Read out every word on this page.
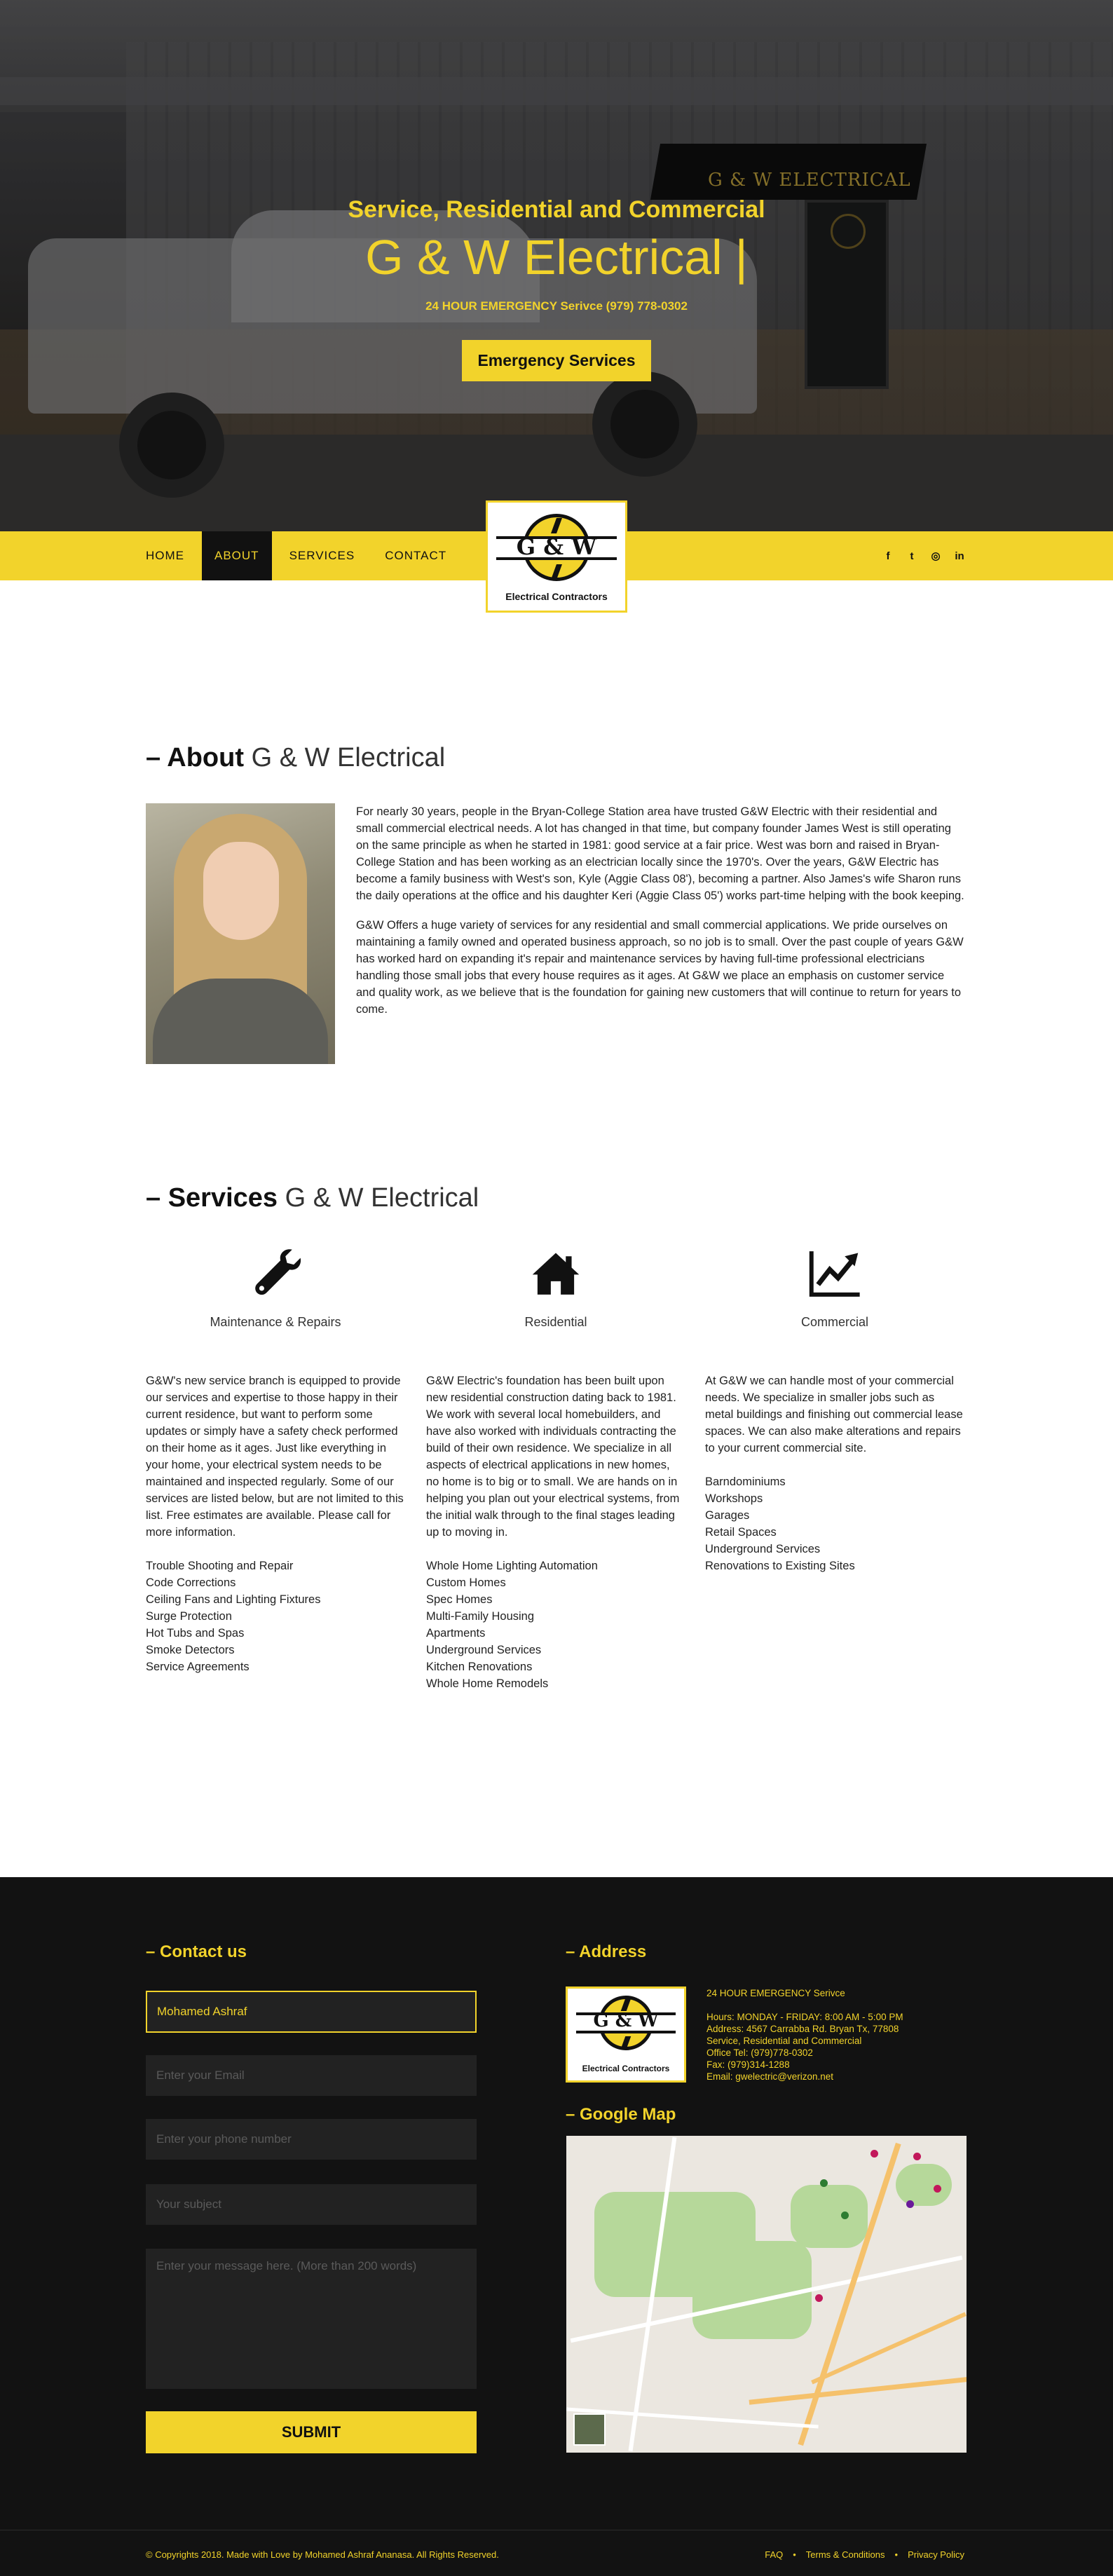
G & W ELECTRICAL
Service, Residential and Commercial
G & W Electrical |
24 HOUR EMERGENCY Serivce (979) 778-0302
Emergency Services
HOME	ABOUT	SERVICES	CONTACT	G & W
Electrical Contractors
f	t	◎	in
– About G & W Electrical

For nearly 30 years, people in the Bryan-College Station area have trusted G&W Electric with their residential and small commercial electrical needs. A lot has changed in that time, but company founder James West is still operating on the same principle as when he started in 1981: good service at a fair price. West was born and raised in Bryan-College Station and has been working as an electrician locally since the 1970's. Over the years, G&W Electric has become a family business with West's son, Kyle (Aggie Class 08'), becoming a partner. Also James's wife Sharon runs the daily operations at the office and his daughter Keri (Aggie Class 05') works part-time helping with the book keeping.

G&W Offers a huge variety of services for any residential and small commercial applications. We pride ourselves on maintaining a family owned and operated business approach, so no job is to small. Over the past couple of years G&W has worked hard on expanding it's repair and maintenance services by having full-time professional electricians handling those small jobs that every house requires as it ages. At G&W we place an emphasis on customer service and quality work, as we believe that is the foundation for gaining new customers that will continue to return for years to come.

– Services G & W Electrical
Maintenance & Repairs

G&W's new service branch is equipped to provide our services and expertise to those happy in their current residence, but want to perform some updates or simply have a safety check performed on their home as it ages. Just like everything in your home, your electrical system needs to be maintained and inspected regularly. Some of our services are listed below, but are not limited to this list. Free estimates are available. Please call for more information.

Trouble Shooting and Repair
Code Corrections
Ceiling Fans and Lighting Fixtures
Surge Protection
Hot Tubs and Spas
Smoke Detectors
Service Agreements
Residential

G&W Electric's foundation has been built upon new residential construction dating back to 1981. We work with several local homebuilders, and have also worked with individuals contracting the build of their own residence. We specialize in all aspects of electrical applications in new homes, no home is to big or to small. We are hands on in helping you plan out your electrical systems, from the initial walk through to the final stages leading up to moving in.

Whole Home Lighting Automation
Custom Homes
Spec Homes
Multi-Family Housing
Apartments
Underground Services
Kitchen Renovations
Whole Home Remodels
Commercial

At G&W we can handle most of your commercial needs. We specialize in smaller jobs such as metal buildings and finishing out commercial lease spaces. We can also make alterations and repairs to your current commercial site.

Barndominiums
Workshops
Garages
Retail Spaces
Underground Services
Renovations to Existing Sites
– Contact us
Mohamed Ashraf
Enter your Email
Enter your phone number
Your subject
Enter your message here. (More than 200 words)
SUBMIT
– Address
G & W
Electrical Contractors
24 HOUR EMERGENCY Serivce
Hours: MONDAY - FRIDAY: 8:00 AM - 5:00 PM
Address: 4567 Carrabba Rd. Bryan Tx, 77808
Service, Residential and Commercial
Office Tel: (979)778-0302
Fax: (979)314-1288
Email: gwelectric@verizon.net
– Google Map
© Copyrights 2018. Made with Love by Mohamed Ashraf Ananasa. All Rights Reserved.	FAQ • Terms & Conditions • Privacy Policy
